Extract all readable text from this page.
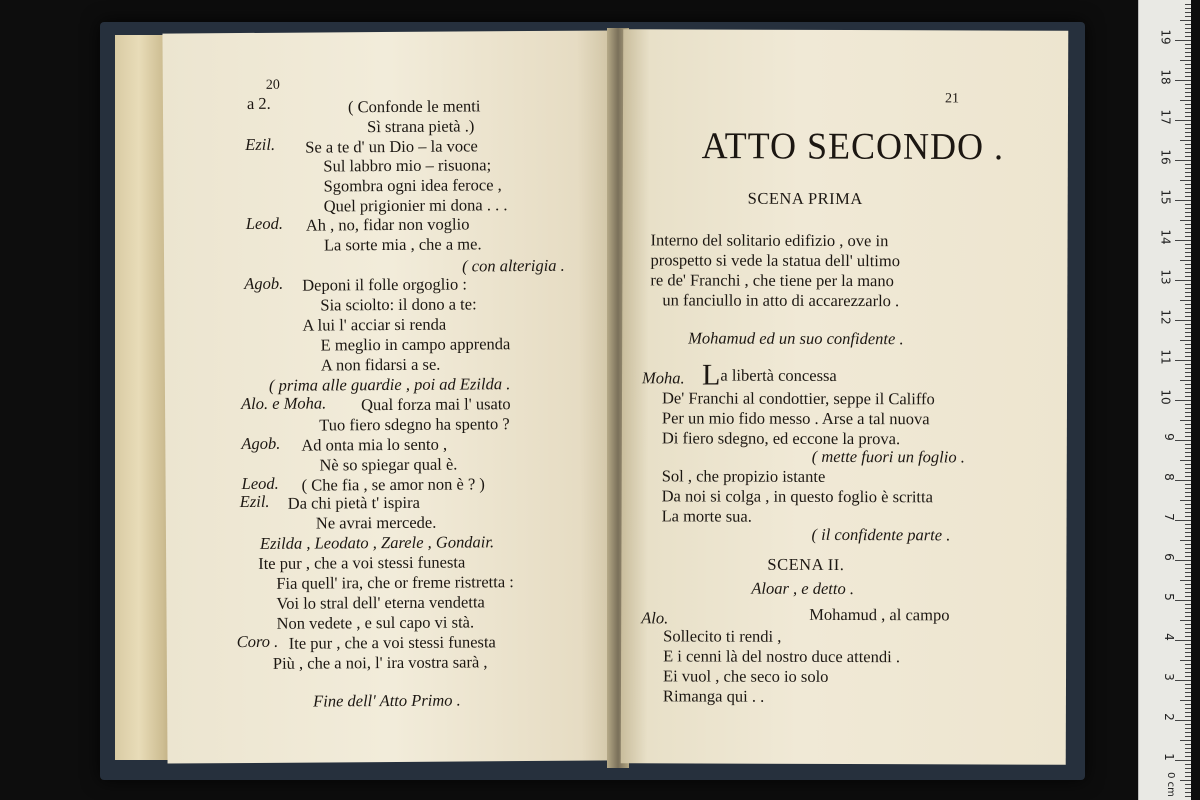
20
a 2.	( Confonde le menti
Sì strana pietà .)
Ezil. Se a te d' un Dio – la voce
Sul labbro mio – risuona;
Sgombra ogni idea feroce ,
Quel prigionier mi dona . . .
Leod. Ah , no, fidar non voglio
La sorte mia , che a me.
( con alterigia .
Agob. Deponi il folle orgoglio :
Sia sciolto: il dono a te:
A lui l' acciar si renda
E meglio in campo apprenda
A non fidarsi a se.
( prima alle guardie , poi ad Ezilda .
Alo. e Moha. Qual forza mai l' usato
Tuo fiero sdegno ha spento ?
Agob. Ad onta mia lo sento ,
Nè so spiegar qual è.
Leod. ( Che fia , se amor non è ? )
Ezil. Da chi pietà t' ispira
Ne avrai mercede.
Ezilda , Leodato , Zarele , Gondair.
Ite pur , che a voi stessi funesta
Fia quell' ira, che or freme ristretta :
Voi lo stral dell' eterna vendetta
Non vedete , e sul capo vi stà.
Coro . Ite pur , che a voi stessi funesta
Più , che a noi, l' ira vostra sarà ,
Fine dell' Atto Primo .
21
ATTO SECONDO .
SCENA PRIMA
Interno del solitario edifizio , ove in
prospetto si vede la statua dell' ultimo
re de' Franchi , che tiene per la mano
un fanciullo in atto di accarezzarlo .
Mohamud ed un suo confidente .
Moha. La libertà concessa
De' Franchi al condottier, seppe il Califfo
Per un mio fido messo . Arse a tal nuova
Di fiero sdegno, ed eccone la prova.
( mette fuori un foglio .
Sol , che propizio istante
Da noi si colga , in questo foglio è scritta
La morte sua.
( il confidente parte .
SCENA II.
Aloar , e detto .
Alo.	Mohamud , al campo
Sollecito ti rendi ,
E i cenni là del nostro duce attendi .
Ei vuol , che seco io solo
Rimanga qui . .
19
18
17
16
15
14
13
12
11
10
9
8
7
6
5
4
3
2
1
0 cm
